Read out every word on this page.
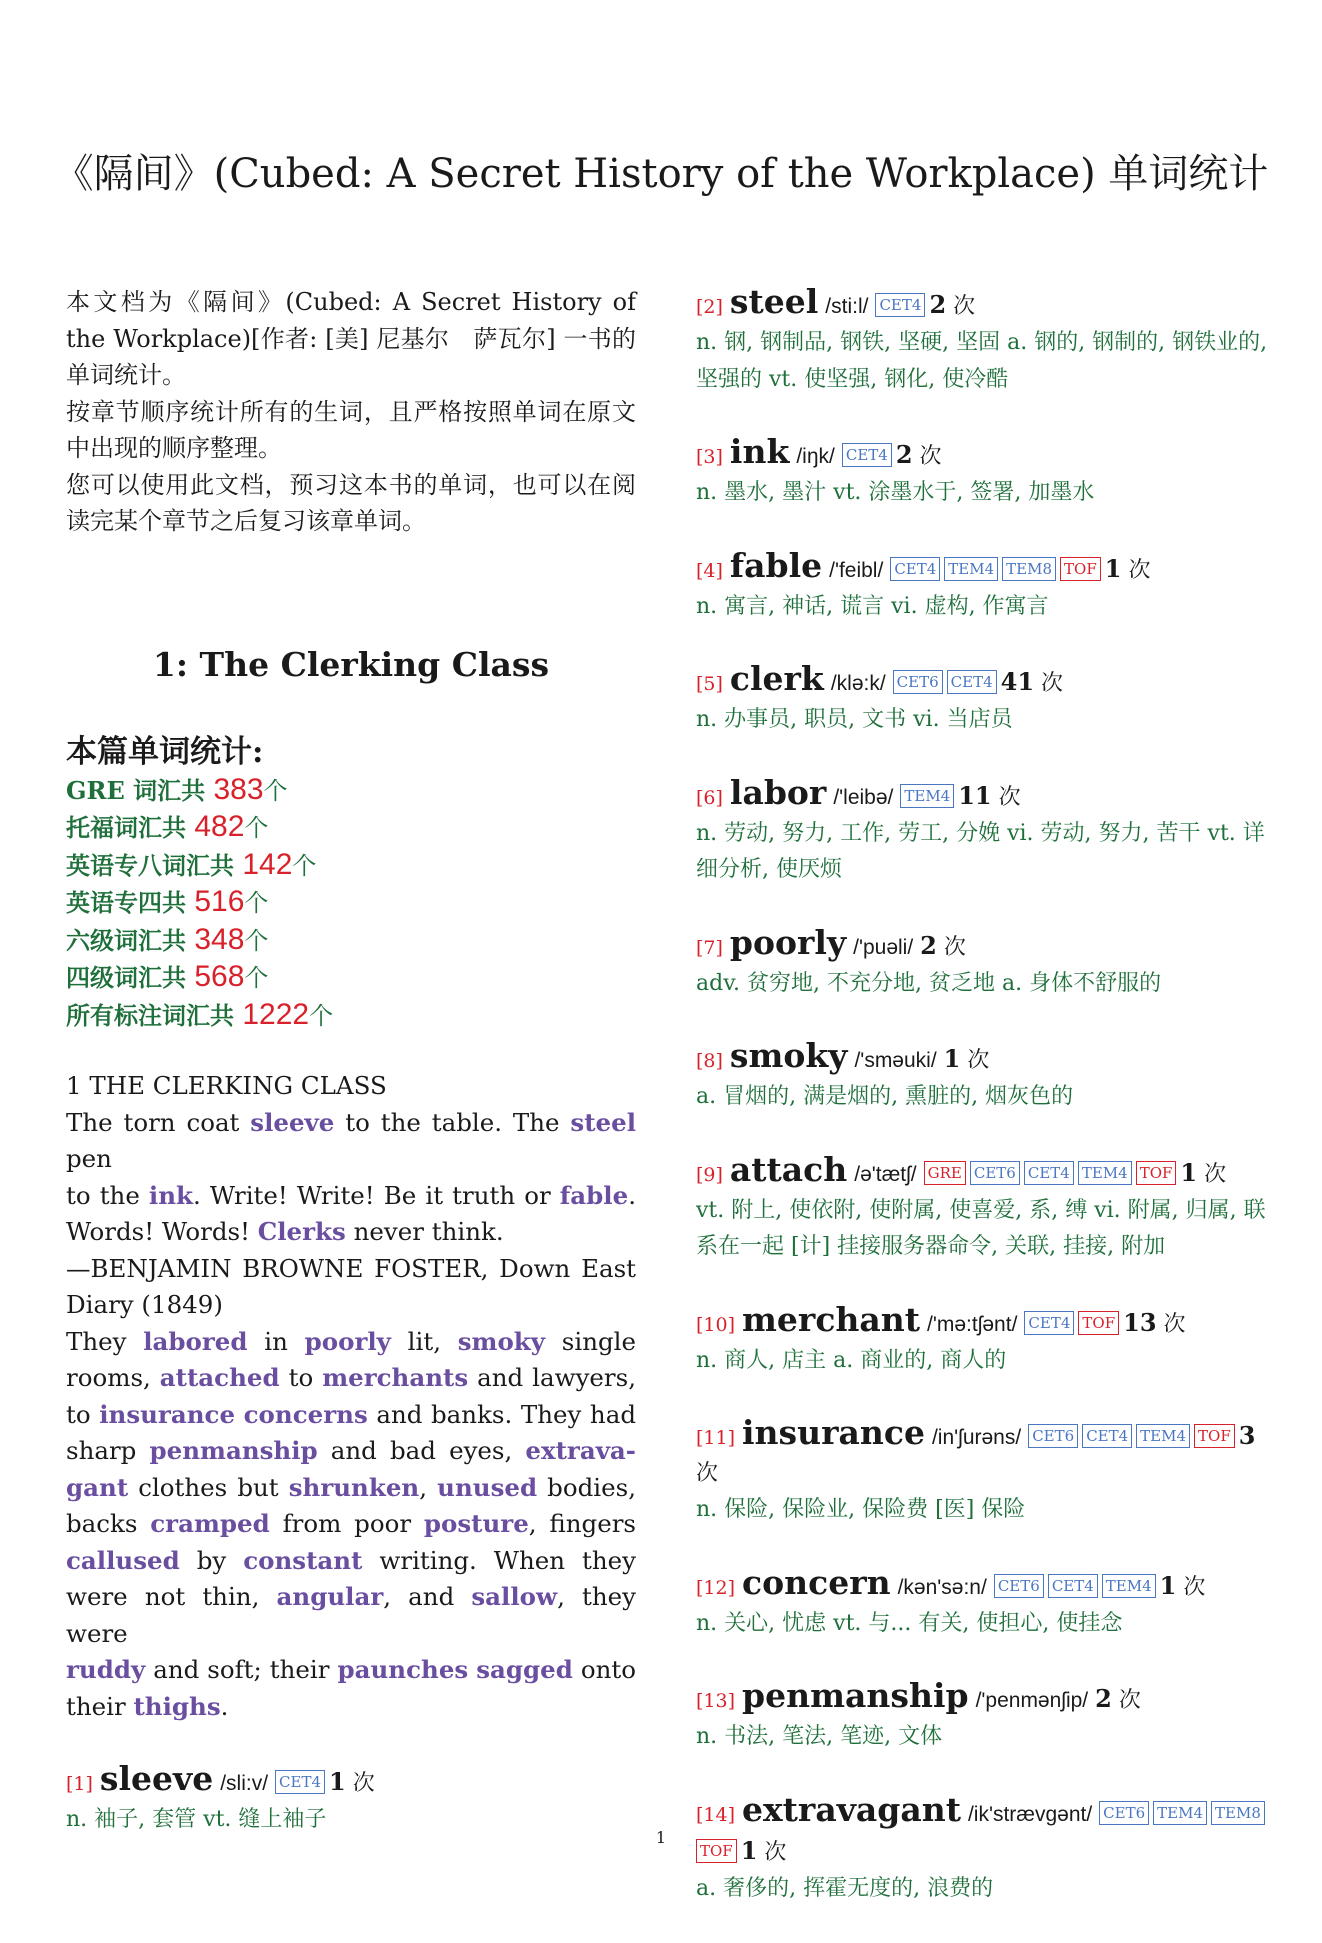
《隔间》(Cubed: A Secret History of the Workplace) 单词统计

本文档为《隔间》(Cubed: A Secret History of the Workplace)[作者: [美] 尼基尔　萨瓦尔] 一书的单词统计。

按章节顺序统计所有的生词，且严格按照单词在原文中出现的顺序整理。

您可以使用此文档，预习这本书的单词，也可以在阅读完某个章节之后复习该章单词。

1: The Clerking Class
本篇单词统计:
GRE 词汇共 383个
托福词汇共 482个
英语专八词汇共 142个
英语专四共 516个
六级词汇共 348个
四级词汇共 568个
所有标注词汇共 1222个
1 THE CLERKING CLASS
The torn coat sleeve to the table. The steel pen
to the ink. Write! Write! Be it truth or fable.
Words! Words! Clerks never think.
—BENJAMIN BROWNE FOSTER, Down East
Diary (1849)
They labored in poorly lit, smoky single
rooms, attached to merchants and lawyers,
to insurance concerns and banks. They had
sharp penmanship and bad eyes, extrava-
gant clothes but shrunken, unused bodies,
backs cramped from poor posture, fingers
callused by constant writing. When they
were not thin, angular, and sallow, they were
ruddy and soft; their paunches sagged onto
their thighs.
[1] sleeve /sli:v/ CET4 1 次
n. 袖子, 套管 vt. 缝上袖子
[2] steel /sti:l/ CET4 2 次
n. 钢, 钢制品, 钢铁, 坚硬, 坚固 a. 钢的, 钢制的, 钢铁业的, 坚强的 vt. 使坚强, 钢化, 使冷酷
[3] ink /iŋk/ CET4 2 次
n. 墨水, 墨汁 vt. 涂墨水于, 签署, 加墨水
[4] fable /'feibl/ CET4 TEM4 TEM8 TOF 1 次
n. 寓言, 神话, 谎言 vi. 虚构, 作寓言
[5] clerk /klə:k/ CET6 CET4 41 次
n. 办事员, 职员, 文书 vi. 当店员
[6] labor /'leibə/ TEM4 11 次
n. 劳动, 努力, 工作, 劳工, 分娩 vi. 劳动, 努力, 苦干 vt. 详细分析, 使厌烦
[7] poorly /'puəli/ 2 次
adv. 贫穷地, 不充分地, 贫乏地 a. 身体不舒服的
[8] smoky /'sməuki/ 1 次
a. 冒烟的, 满是烟的, 熏脏的, 烟灰色的
[9] attach /ə'tætʃ/ GRE CET6 CET4 TEM4 TOF 1 次
vt. 附上, 使依附, 使附属, 使喜爱, 系, 缚 vi. 附属, 归属, 联系在一起 [计] 挂接服务器命令, 关联, 挂接, 附加
[10] merchant /'mə:tʃənt/ CET4 TOF 13 次
n. 商人, 店主 a. 商业的, 商人的
[11] insurance /in'ʃurəns/ CET6 CET4 TEM4 TOF 3 次
n. 保险, 保险业, 保险费 [医] 保险
[12] concern /kən'sə:n/ CET6 CET4 TEM4 1 次
n. 关心, 忧虑 vt. 与... 有关, 使担心, 使挂念
[13] penmanship /'penmənʃip/ 2 次
n. 书法, 笔法, 笔迹, 文体
[14] extravagant /ik'strævgənt/ CET6 TEM4 TEM8TOF 1 次
a. 奢侈的, 挥霍无度的, 浪费的
1
